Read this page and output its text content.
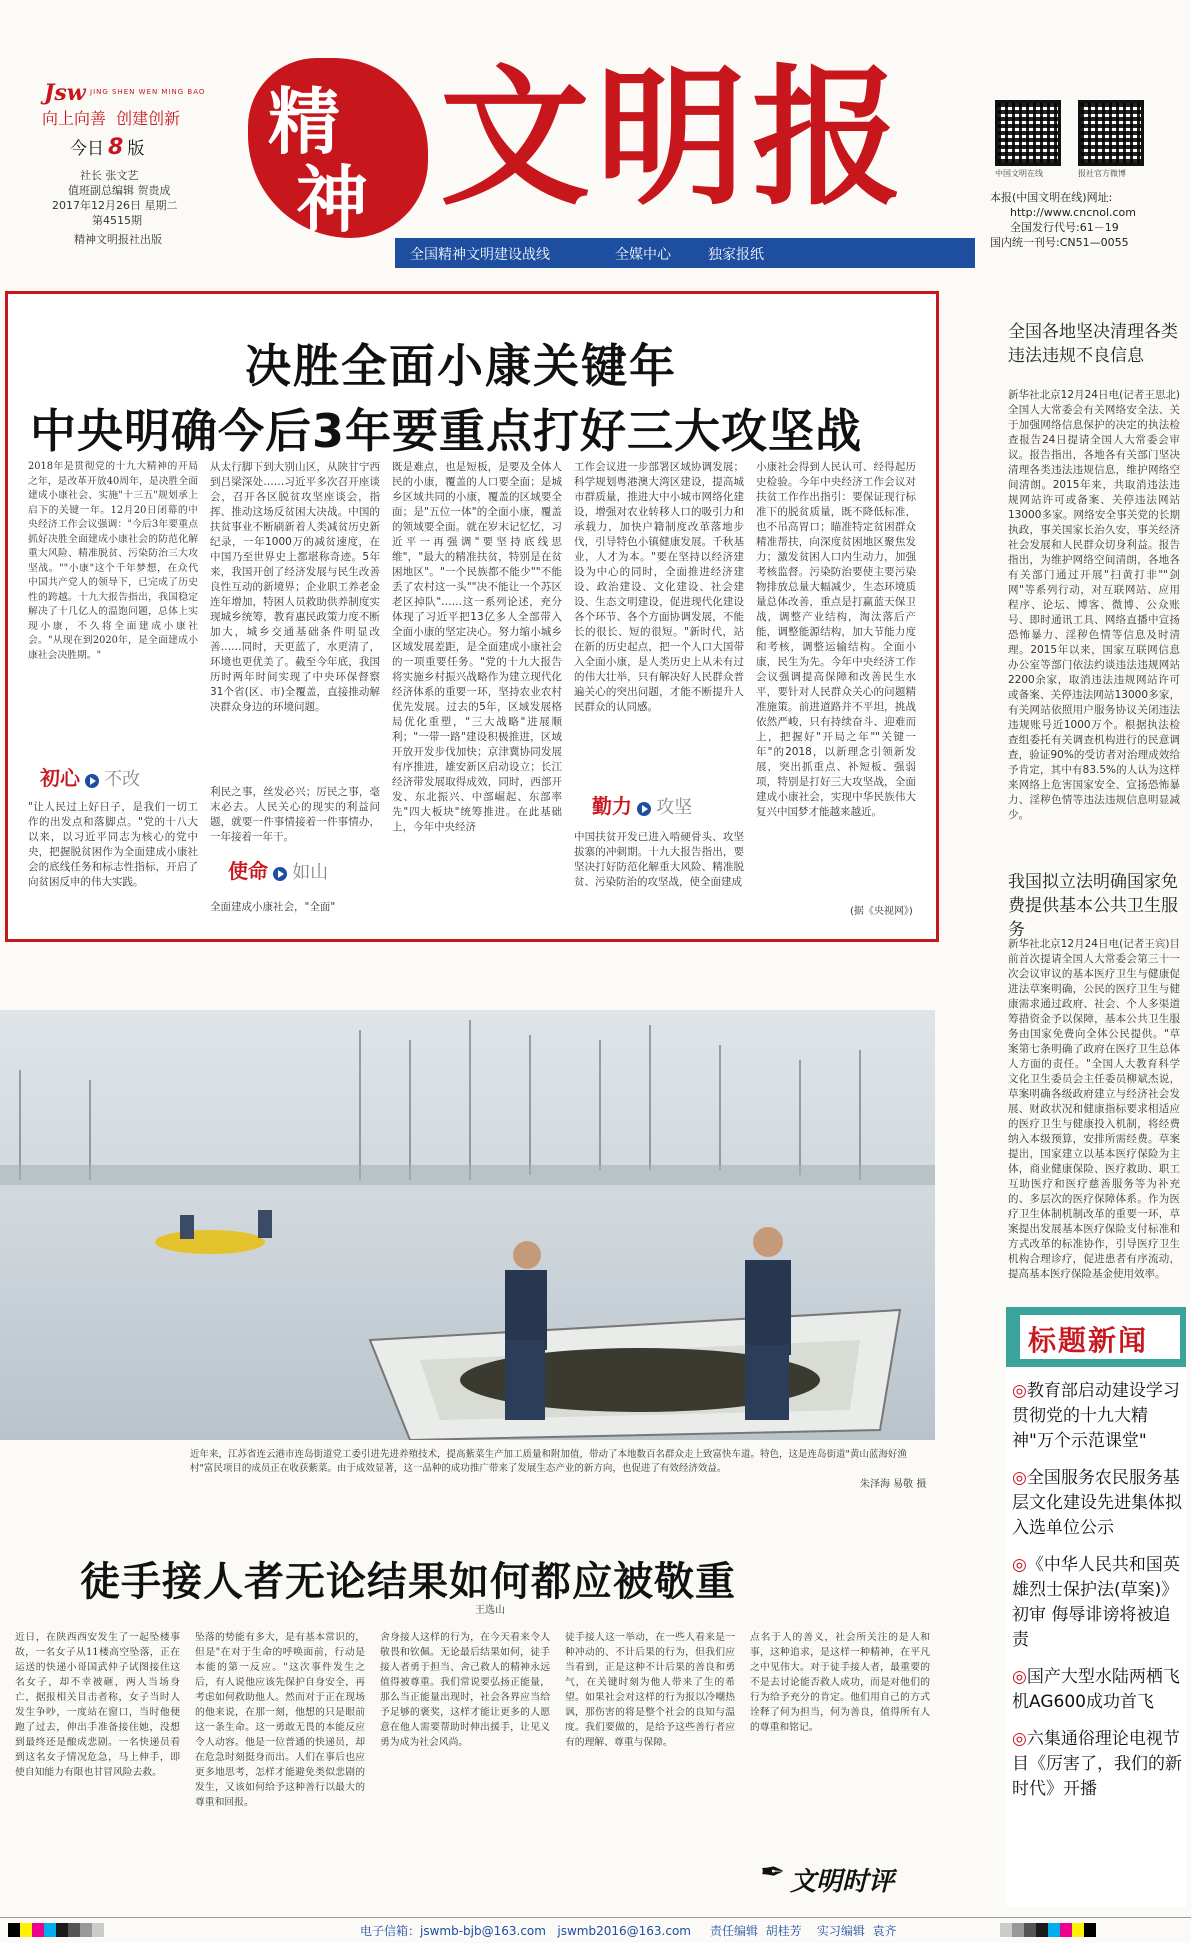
Jsw JING SHEN WEN MING BAO
向上向善  创建创新
今日 8 版
社长 张文艺
值班副总编辑 贺贵成
2017年12月26日 星期二
第4515期
精神文明报社出版
精
神 文明报	中国文明在线	报社官方微博
本报(中国文明在线)网址:
http://www.cncnol.com
全国发行代号:61－19
国内统一刊号:CN51—0055
全国精神文明建设战线	全媒中心	独家报纸
决胜全面小康关键年
中央明确今后3年要重点打好三大攻坚战
2018年是贯彻党的十九大精神的开局之年，是改革开放40周年，是决胜全面建成小康社会、实施"十三五"规划承上启下的关键一年。12月20日闭幕的中央经济工作会议强调："今后3年要重点抓好决胜全面建成小康社会的防范化解重大风险、精准脱贫、污染防治三大攻坚战。""小康"这个千年梦想，在众代中国共产党人的领导下，已完成了历史性的跨越。十九大报告指出，我国稳定解决了十几亿人的温饱问题，总体上实现小康，不久将全面建成小康社会。"从现在到2020年，是全面建成小康社会决胜期。"
初心 不改
"让人民过上好日子，是我们一切工作的出发点和落脚点。"党的十八大以来，以习近平同志为核心的党中央，把握脱贫困作为全面建成小康社会的底线任务和标志性指标，开启了向贫困反申的伟大实践。
从太行脚下到大别山区，从陕甘宁西到吕梁深处……习近平多次召开座谈会，召开各区脱贫攻坚座谈会，指挥、推动这场反贫困大决战。中国的扶贫事业不断刷新着人类减贫历史新纪录，一年1000万的减贫速度，在中国乃至世界史上都堪称奇迹。5年来，我国开创了经济发展与民生改善良性互动的新境界；企业职工养老金连年增加，特困人员救助供养制度实现城乡统筹，教育惠民政策力度不断加大，城乡交通基础条件明显改善……同时，天更蓝了，水更清了，环境也更优美了。截至今年底，我国历时两年时间实现了中央环保督察31个省(区、市)全覆盖，直接推动解决群众身边的环境问题。
利民之事，丝发必兴；厉民之事，毫末必去。人民关心的现实的利益问题，就要一件事情接着一件事情办，一年接着一年干。
使命 如山
全面建成小康社会，"全面"
既是难点，也是短板，是要及全体人民的小康，覆盖的人口要全面；是城乡区域共同的小康，覆盖的区域要全面；是"五位一体"的全面小康，覆盖的领域要全面。就在岁末记忆忆，习近平一再强调"要坚持底线思维"，"最大的精准扶贫，特别是在贫困地区"。"一个民族都不能少""不能丢了农村这一头""决不能让一个苏区老区掉队"……这一系列论述，充分体现了习近平把13亿多人全部带入全面小康的坚定决心。努力缩小城乡区域发展差距，是全面建成小康社会的一项重要任务。"党的十九大报告将实施乡村振兴战略作为建立现代化经济体系的重要一环，坚持农业农村优先发展。过去的5年，区域发展格局优化重塑，"三大战略"进展顺利；"一带一路"建设积极推进，区域开放开发步伐加快；京津冀协同发展有序推进，雄安新区启动设立；长江经济带发展取得成效，同时，西部开发、东北振兴、中部崛起、东部率先"四大板块"统筹推进。在此基础上，今年中央经济
工作会议进一步部署区域协调发展；科学规划粤港澳大湾区建设，提高城市群质量，推进大中小城市网络化建设，增强对农业转移人口的吸引力和承载力，加快户籍制度改革落地步伐，引导特色小镇健康发展。千秋基业，人才为本。"要在坚持以经济建设为中心的同时，全面推进经济建设、政治建设、文化建设、社会建设、生态文明建设，促进现代化建设各个环节、各个方面协调发展，不能长的很长、短的很短。"新时代，站在新的历史起点，把一个人口大国带入全面小康，是人类历史上从未有过的伟大壮举，只有解决好人民群众普遍关心的突出问题，才能不断提升人民群众的认同感。
勤力 攻坚
中国扶贫开发已进入啃硬骨头、攻坚拔寨的冲刺期。十九大报告指出，要坚决打好防范化解重大风险、精准脱贫、污染防治的攻坚战，使全面建成
小康社会得到人民认可、经得起历史检验。今年中央经济工作会议对扶贫工作作出指引：要保证现行标准下的脱贫质量，既不降低标准，也不吊高胃口；瞄准特定贫困群众精准帮扶，向深度贫困地区聚焦发力；激发贫困人口内生动力，加强考核监督。污染防治要使主要污染物排放总量大幅减少，生态环境质量总体改善，重点是打赢蓝天保卫战，调整产业结构，淘汰落后产能，调整能源结构，加大节能力度和考核，调整运输结构。全面小康，民生为先。今年中央经济工作会议强调提高保障和改善民生水平，要针对人民群众关心的问题精准施策。前进道路并不平坦，挑战依然严峻，只有持续奋斗、迎难而上，把握好"开局之年""关键一年"的2018，以新理念引领新发展，突出抓重点、补短板、强弱项，特别是打好三大攻坚战，全面建成小康社会，实现中华民族伟大复兴中国梦才能越来越近。
(据《央视网》)
全国各地坚决清理各类违法违规不良信息
新华社北京12月24日电(记者王思北)全国人大常委会有关网络安全法、关于加强网络信息保护的决定的执法检查报告24日提请全国人大常委会审议。报告指出，各地各有关部门坚决清理各类违法违规信息，维护网络空间清朗。2015年来，共取消违法违规网站许可或备案、关停违法网站13000多家。网络安全事关党的长期执政，事关国家长治久安，事关经济社会发展和人民群众切身利益。报告指出，为维护网络空间清朗，各地各有关部门通过开展"扫黄打非""剑网"等系列行动，对互联网站、应用程序、论坛、博客、微博、公众账号、即时通讯工具、网络直播中宣扬恐怖暴力、淫秽色情等信息及时清理。2015年以来，国家互联网信息办公室等部门依法约谈违法违规网站2200余家，取消违法违规网站许可或备案、关停违法网站13000多家，有关网站依照用户服务协议关闭违法违规账号近1000万个。根据执法检查组委托有关调查机构进行的民意调查，验证90%的受访者对治理成效给予肯定，其中有83.5%的人认为这样来网络上危害国家安全、宣扬恐怖暴力、淫秽色情等违法违规信息明显减少。
我国拟立法明确国家免费提供基本公共卫生服务
新华社北京12月24日电(记者王宾)目前首次提请全国人大常委会第三十一次会议审议的基本医疗卫生与健康促进法草案明确，公民的医疗卫生与健康需求通过政府、社会、个人多渠道筹措资金予以保障，基本公共卫生服务由国家免费向全体公民提供。"草案第七条明确了政府在医疗卫生总体人方面的责任。"全国人大教育科学文化卫生委员会主任委员柳斌杰说，草案明确各级政府建立与经济社会发展、财政状况和健康指标要求相适应的医疗卫生与健康投入机制，将经费纳入本级预算，安排所需经费。草案提出，国家建立以基本医疗保险为主体，商业健康保险、医疗救助、职工互助医疗和医疗慈善服务等为补充的、多层次的医疗保障体系。作为医疗卫生体制机制改革的重要一环，草案提出发展基本医疗保险支付标准和方式改革的标准协作，引导医疗卫生机构合理诊疗，促进患者有序流动，提高基本医疗保险基金使用效率。
标题新闻
◎教育部启动建设学习贯彻党的十九大精神"万个示范课堂"
◎全国服务农民服务基层文化建设先进集体拟入选单位公示
◎《中华人民共和国英雄烈士保护法(草案)》初审 侮辱诽谤将被追责
◎国产大型水陆两栖飞机AG600成功首飞
◎六集通俗理论电视节目《厉害了，我们的新时代》开播
近年来，江苏省连云港市连岛街道党工委引进先进养殖技术，提高紫菜生产加工质量和附加值，带动了本地数百名群众走上致富快车道。特色，这是连岛街道"黄山蓝海好渔村"富民项目的成员正在收获紫菜。由于成效显著，这一品种的成功推广带来了发展生态产业的新方向，也促进了有效经济效益。
朱泽海 易敬 摄
徒手接人者无论结果如何都应被敬重
王选山
近日，在陕西西安发生了一起坠楼事故，一名女子从11楼高空坠落，正在运送的快递小哥国武仲子试图接住这名女子，却不幸被砸，两人当场身亡，据报相关目击者称，女子当时人发生争吵，一度站在窗口，当时他便跑了过去，伸出手准备接住她，没想到最终还是酿成悲剧。一名快递员看到这名女子情况危急，马上伸手，即使自知能力有限也甘冒风险去救。
坠落的势能有多大，是有基本常识的，但是"在对于生命的呼唤面前，行动是本能的第一反应。"这次事件发生之后，有人说他应该先保护自身安全，再考虑如何救助他人。然而对于正在现场的他来说，在那一刻，他想的只是眼前这一条生命。这一勇敢无畏的本能反应令人动容。他是一位普通的快递员，却在危急时刻挺身而出。人们在事后也应更多地思考，怎样才能避免类似悲剧的发生，又该如何给予这种善行以最大的尊重和回报。
舍身接人这样的行为，在今天看来令人敬畏和钦佩。无论最后结果如何，徒手接人者勇于担当、舍己救人的精神永远值得被尊重。我们常说要弘扬正能量，那么当正能量出现时，社会各界应当给予足够的褒奖，这样才能让更多的人愿意在他人需要帮助时伸出援手，让见义勇为成为社会风尚。
徒手接人这一举动，在一些人看来是一种冲动的、不计后果的行为，但我们应当看到，正是这种不计后果的善良和勇气，在关键时刻为他人带来了生的希望。如果社会对这样的行为报以冷嘲热讽，那伤害的将是整个社会的良知与温度。我们要做的，是给予这些善行者应有的理解、尊重与保障。
点名于人的善义，社会所关注的是人和事，这种追求，是这样一种精神，在平凡之中见伟大。对于徒手接人者，最重要的不是去讨论能否救人成功，而是对他们的行为给予充分的肯定。他们用自己的方式诠释了何为担当，何为善良，值得所有人的尊重和铭记。
✒ 文明时评
电子信箱：jswmb-bjb@163.com   jswmb2016@163.com 责任编辑  胡桂芳    实习编辑  袁齐
